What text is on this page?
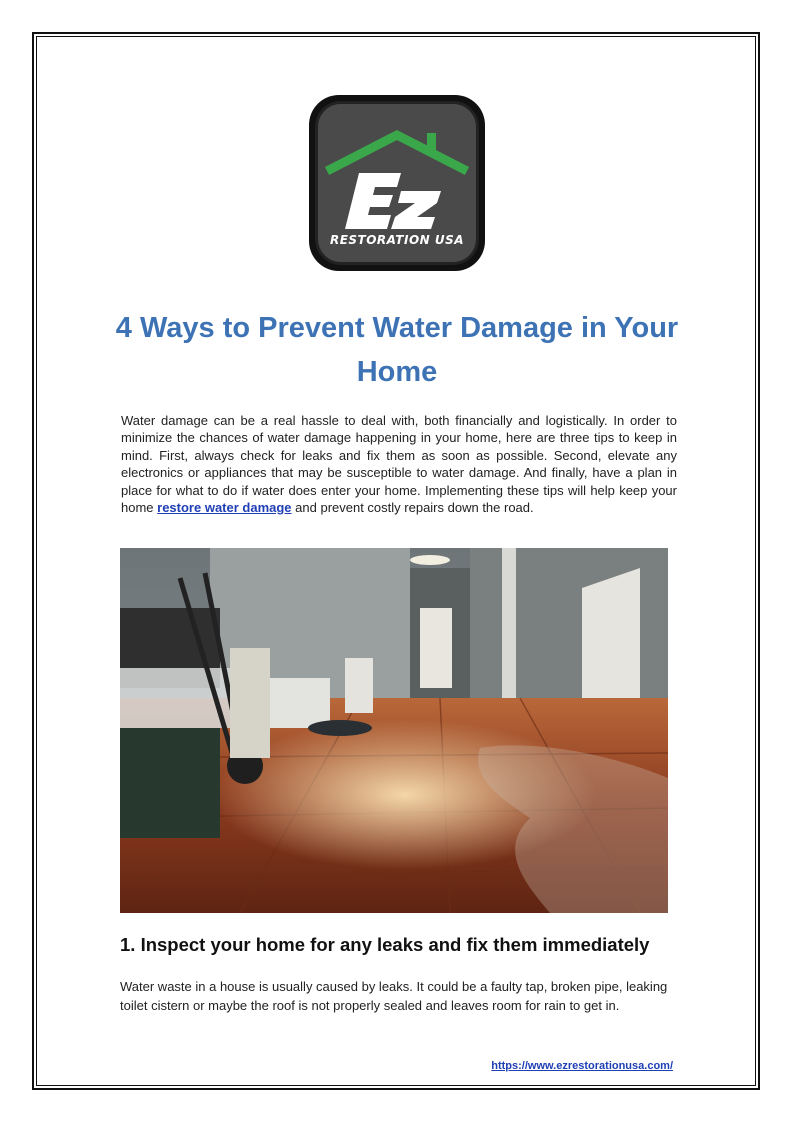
RESTORATION USA
4 Ways to Prevent Water Damage in Your Home

Water damage can be a real hassle to deal with, both financially and logistically. In order to minimize the chances of water damage happening in your home, here are three tips to keep in mind. First, always check for leaks and fix them as soon as possible. Second, elevate any electronics or appliances that may be susceptible to water damage. And finally, have a plan in place for what to do if water does enter your home. Implementing these tips will help keep your home restore water damage and prevent costly repairs down the road.

1. Inspect your home for any leaks and fix them immediately

Water waste in a house is usually caused by leaks. It could be a faulty tap, broken pipe, leaking toilet cistern or maybe the roof is not properly sealed and leaves room for rain to get in.

https://www.ezrestorationusa.com/
